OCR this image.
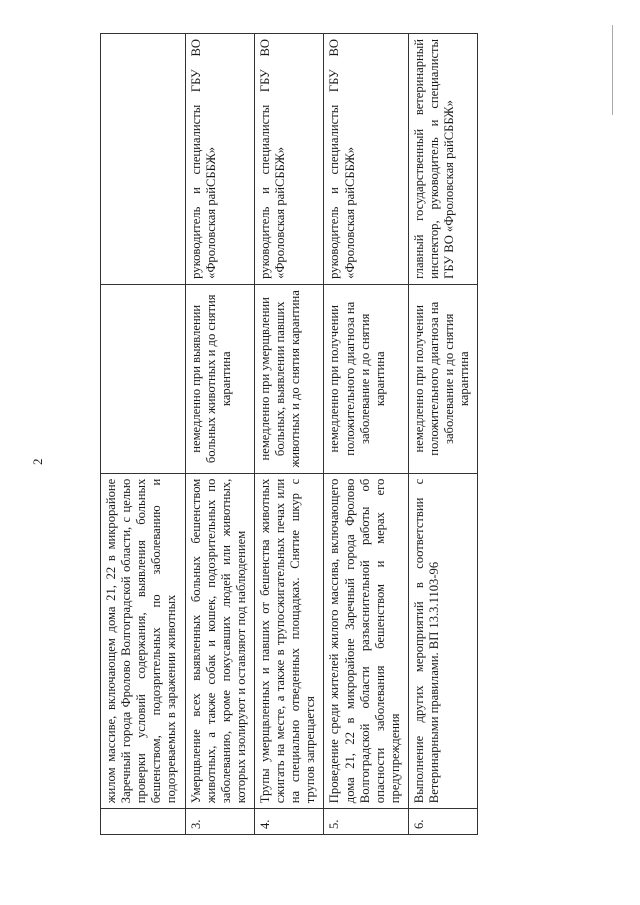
2
	жилом массиве, включающем дома 21, 22 в микрорайоне Заречный города Фролово Волгоградской области, с целью проверки условий содержания, выявления больных бешенством, подозрительных по заболеванию и подозреваемых в заражении животных		
3.	Умерщвление всех выявленных больных бешенством животных, а также собак и кошек, подозрительных по заболеванию, кроме покусавших людей или животных, которых изолируют и оставляют под наблюдением	немедленно при выявлении больных животных и до снятия карантина	руководитель и специалисты ГБУ ВО «Фроловская райСББЖ»
4.	Трупы умерщвленных и павших от бешенства животных сжигать на месте, а также в трупосжигательных печах или на специально отведенных площадках. Снятие шкур с трупов запрещается	немедленно при умерщвлении больных, выявлении павших животных и до снятия карантина	руководитель и специалисты ГБУ ВО «Фроловская райСББЖ»
5.	Проведение среди жителей жилого массива, включающего дома 21, 22 в микрорайоне Заречный города Фролово Волгоградской области разъяснительной работы об опасности заболевания бешенством и мерах его предупреждения	немедленно при получении положительного диагноза на заболевание и до снятия карантина	руководитель и специалисты ГБУ ВО «Фроловская райСББЖ»
6.	Выполнение других мероприятий в соответствии с Ветеринарными правилами. ВП 13.3.1103-96	немедленно при получении положительного диагноза на заболевание и до снятия карантина	главный государственный ветеринарный инспектор, руководитель и специалисты ГБУ ВО «Фроловская райСББЖ»
